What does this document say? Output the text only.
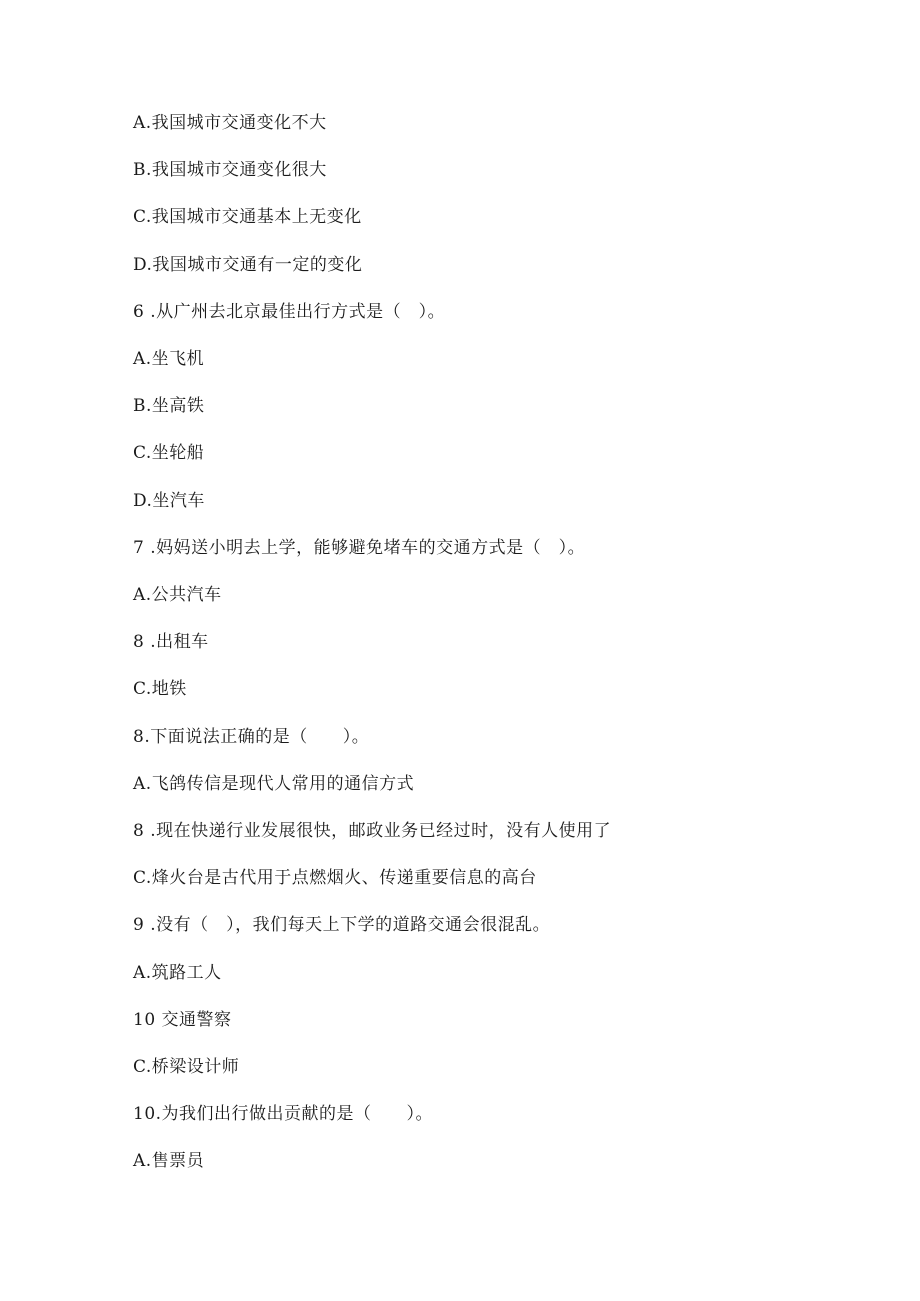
A.我国城市交通变化不大
B.我国城市交通变化很大
C.我国城市交通基本上无变化
D.我国城市交通有一定的变化
6 .从广州去北京最佳出行方式是（　）。
A.坐飞机
B.坐高铁
C.坐轮船
D.坐汽车
7 .妈妈送小明去上学，能够避免堵车的交通方式是（　）。
A.公共汽车
8 .出租车
C.地铁
8.下面说法正确的是（　　）。
A.飞鸽传信是现代人常用的通信方式
8 .现在快递行业发展很快，邮政业务已经过时，没有人使用了
C.烽火台是古代用于点燃烟火、传递重要信息的高台
9 .没有（　），我们每天上下学的道路交通会很混乱。
A.筑路工人
10 交通警察
C.桥梁设计师
10.为我们出行做出贡献的是（　　）。
A.售票员
